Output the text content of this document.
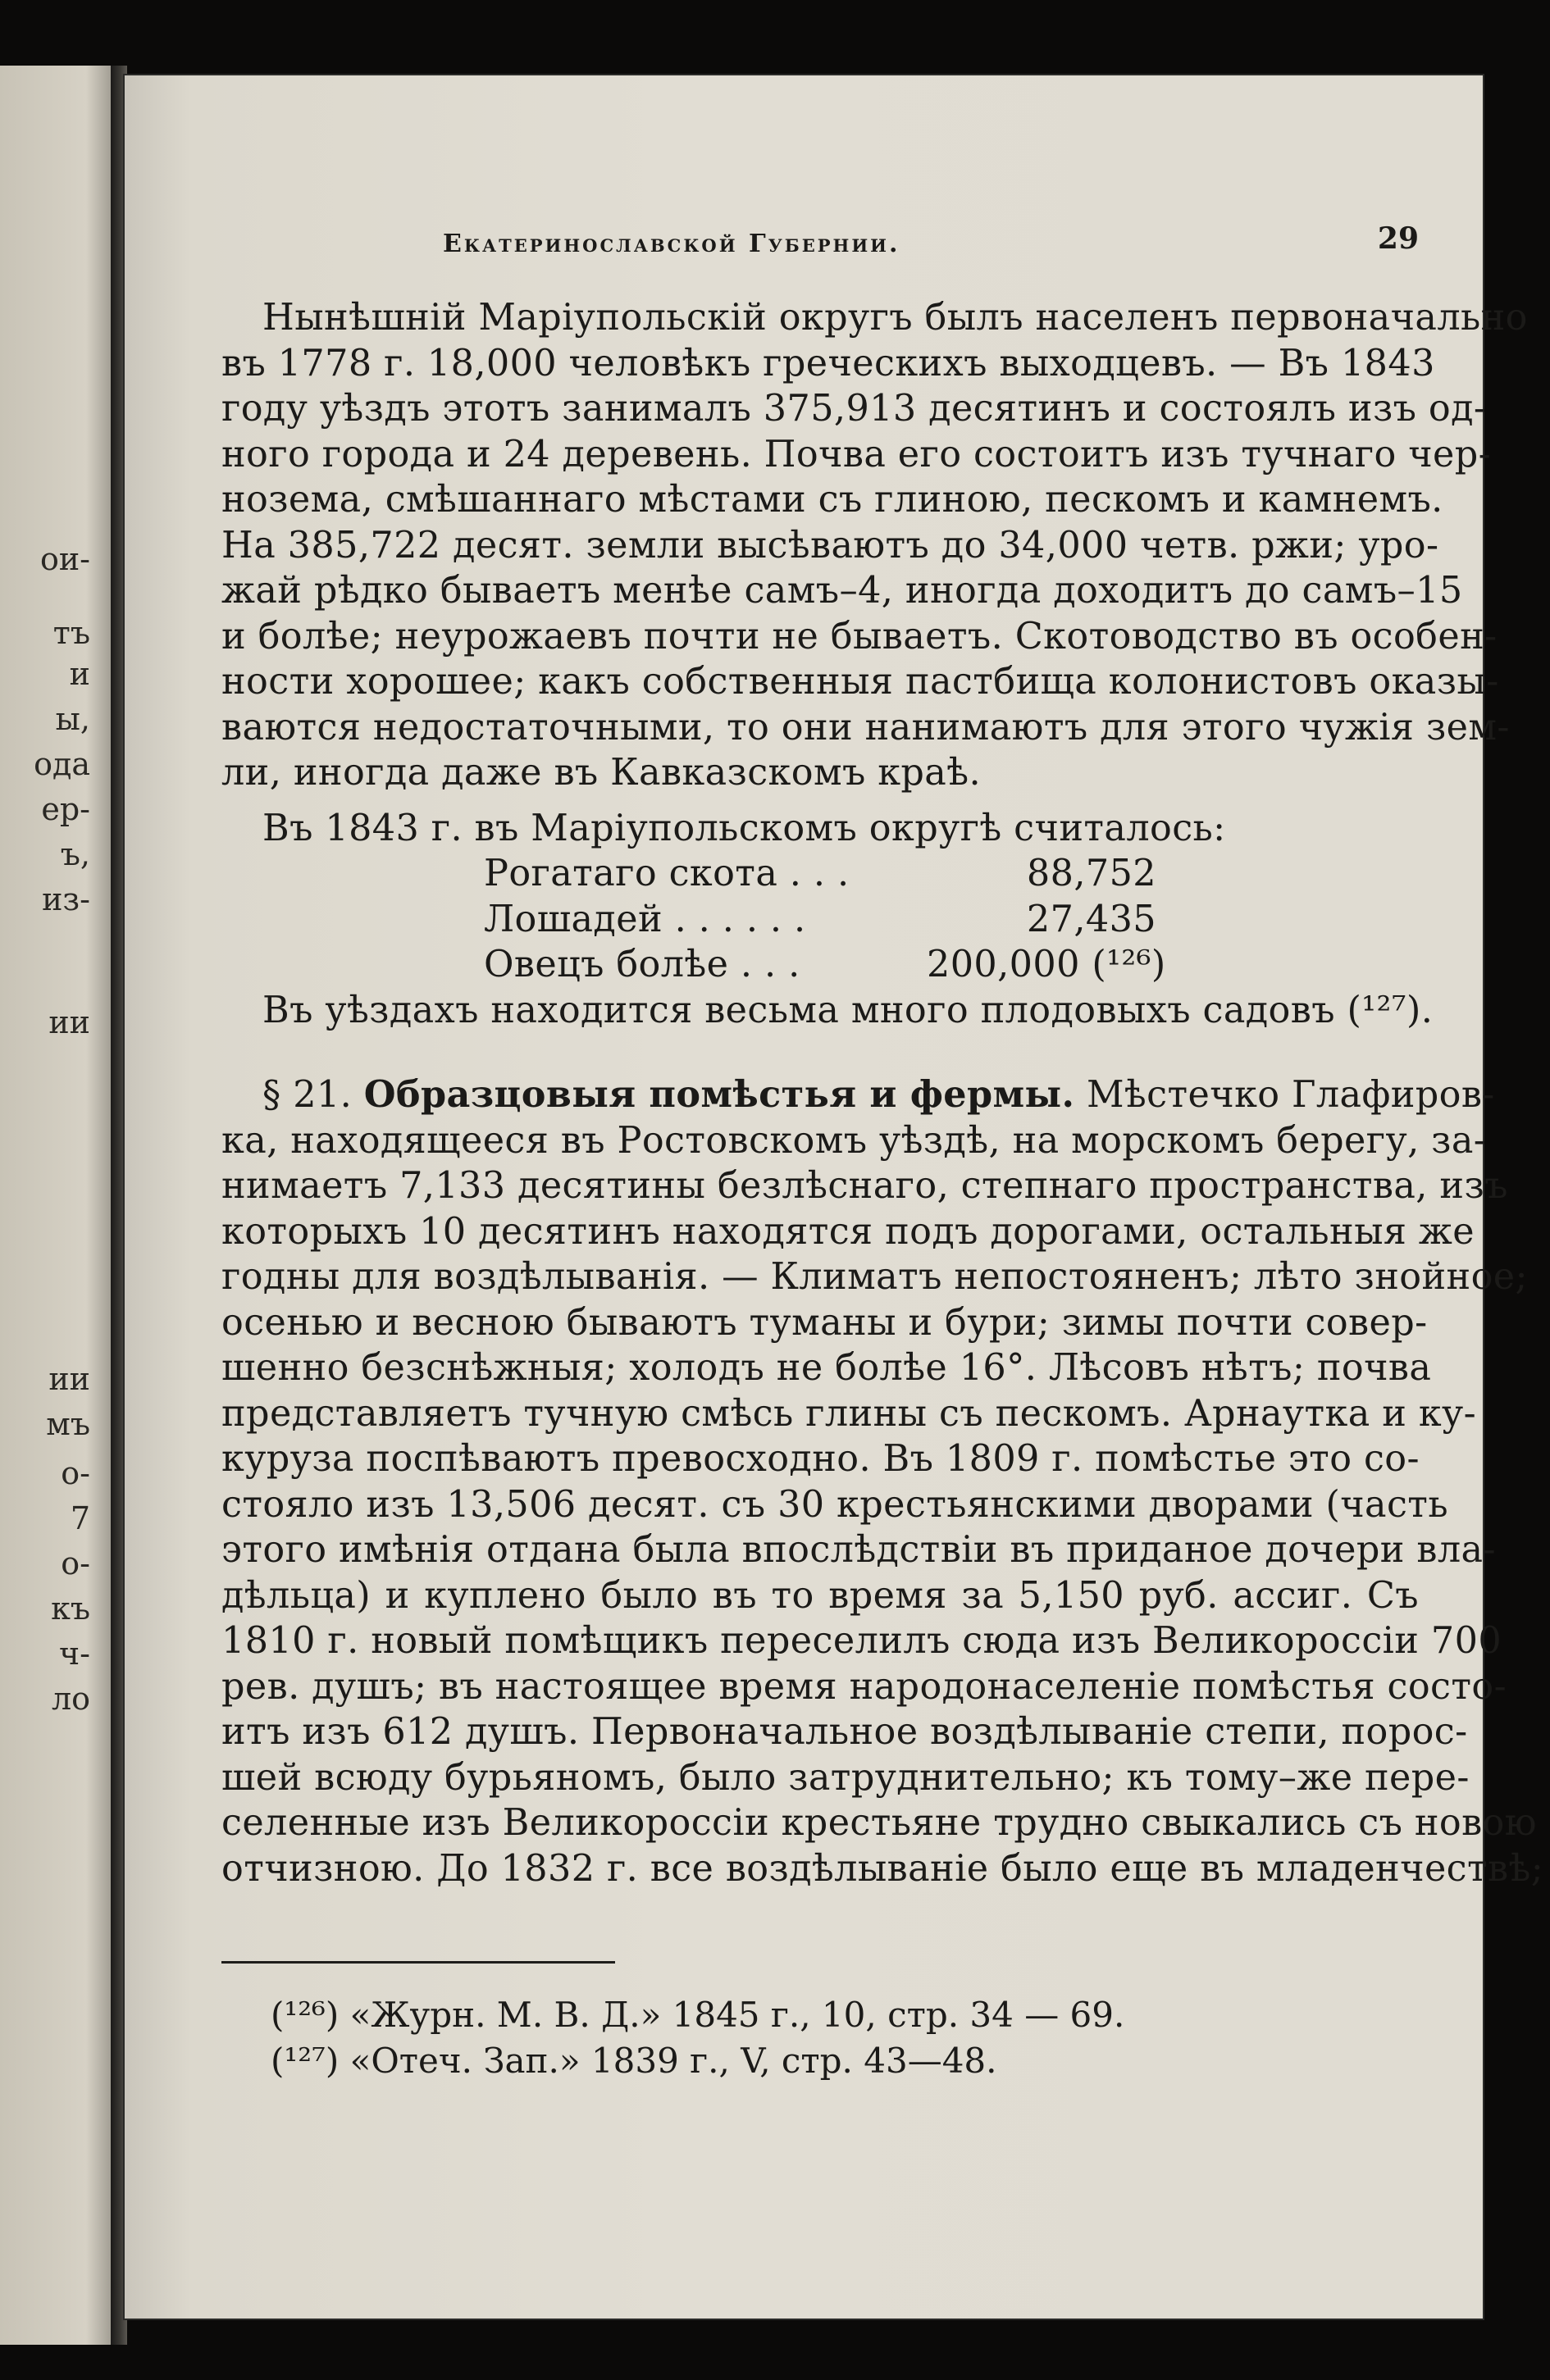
ои-
тъ
и
ы,
ода
ер-
ъ,
из-
ии
ии
мъ
о-
7
о-
къ
ч-
ло
Екатеринославской Губернии.	29
Нынѣшній Маріупольскій округъ былъ населенъ первоначально
въ 1778 г. 18,000 человѣкъ греческихъ выходцевъ. — Въ 1843
году уѣздъ этотъ занималъ 375,913 десятинъ и состоялъ изъ од-
ного города и 24 деревень. Почва его состоитъ изъ тучнаго чер-
нозема, смѣшаннаго мѣстами съ глиною, пескомъ и камнемъ.
На 385,722 десят. земли высѣваютъ до 34,000 четв. ржи; уро-
жай рѣдко бываетъ менѣе самъ–4, иногда доходитъ до самъ–15
и болѣе; неурожаевъ почти не бываетъ. Скотоводство въ особен-
ности хорошее; какъ собственныя пастбища колонистовъ оказы-
ваются недостаточными, то они нанимаютъ для этого чужія зем-
ли, иногда даже въ Кавказскомъ краѣ.
Въ 1843 г. въ Маріупольскомъ округѣ считалось:
Рогатаго скота . . .	88,752
Лошадей . . . . . .	27,435
Овецъ болѣе . . .	200,000 (¹²⁶)
Въ уѣздахъ находится весьма много плодовыхъ садовъ (¹²⁷).
§ 21. Образцовыя помѣстья и фермы. Мѣстечко Глафиров-
ка, находящееся въ Ростовскомъ уѣздѣ, на морскомъ берегу, за-
нимаетъ 7,133 десятины безлѣснаго, степнаго пространства, изъ
которыхъ 10 десятинъ находятся подъ дорогами, остальныя же
годны для воздѣлыванія. — Климатъ непостояненъ; лѣто знойное;
осенью и весною бываютъ туманы и бури; зимы почти совер-
шенно безснѣжныя; холодъ не болѣе 16°. Лѣсовъ нѣтъ; почва
представляетъ тучную смѣсь глины съ пескомъ. Арнаутка и ку-
куруза поспѣваютъ превосходно. Въ 1809 г. помѣстье это со-
стояло изъ 13,506 десят. съ 30 крестьянскими дворами (часть
этого имѣнія отдана была впослѣдствіи въ приданое дочери вла-
дѣльца) и куплено было въ то время за 5,150 руб. ассиг. Съ
1810 г. новый помѣщикъ переселилъ сюда изъ Великороссіи 700
рев. душъ; въ настоящее время народонаселеніе помѣстья состо-
итъ изъ 612 душъ. Первоначальное воздѣлываніе степи, порос-
шей всюду бурьяномъ, было затруднительно; къ тому–же пере-
селенные изъ Великороссіи крестьяне трудно свыкались съ новою
отчизною. До 1832 г. все воздѣлываніе было еще въ младенчествѣ;
(¹²⁶) «Журн. М. В. Д.» 1845 г., 10, стр. 34 — 69.
(¹²⁷) «Отеч. Зап.» 1839 г., V, стр. 43—48.
